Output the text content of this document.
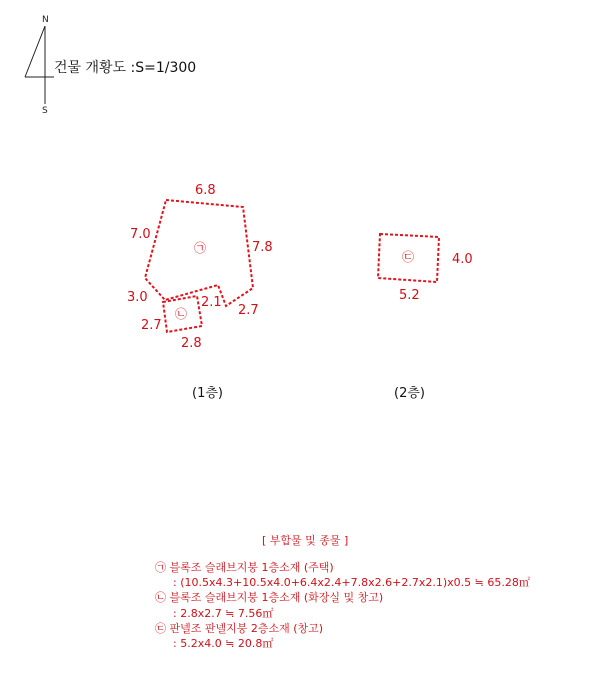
N
S
㉠
㉡
㉢
6.8
7.0
7.8
3.0	2.1
2.7
2.7
2.8
4.0
5.2
건물 개황도 :S=1/300
(1층)	(2층)
[ 부합물 및 종물 ]
㉠ 블록조 슬래브지붕 1층소재 (주택)
: (10.5x4.3+10.5x4.0+6.4x2.4+7.8x2.6+2.7x2.1)x0.5 ≒ 65.28㎡
㉡ 블록조 슬래브지붕 1층소재 (화장실 및 창고)
: 2.8x2.7 ≒ 7.56㎡
㉢ 판넬조 판넬지붕 2층소재 (창고)
: 5.2x4.0 ≒ 20.8㎡
